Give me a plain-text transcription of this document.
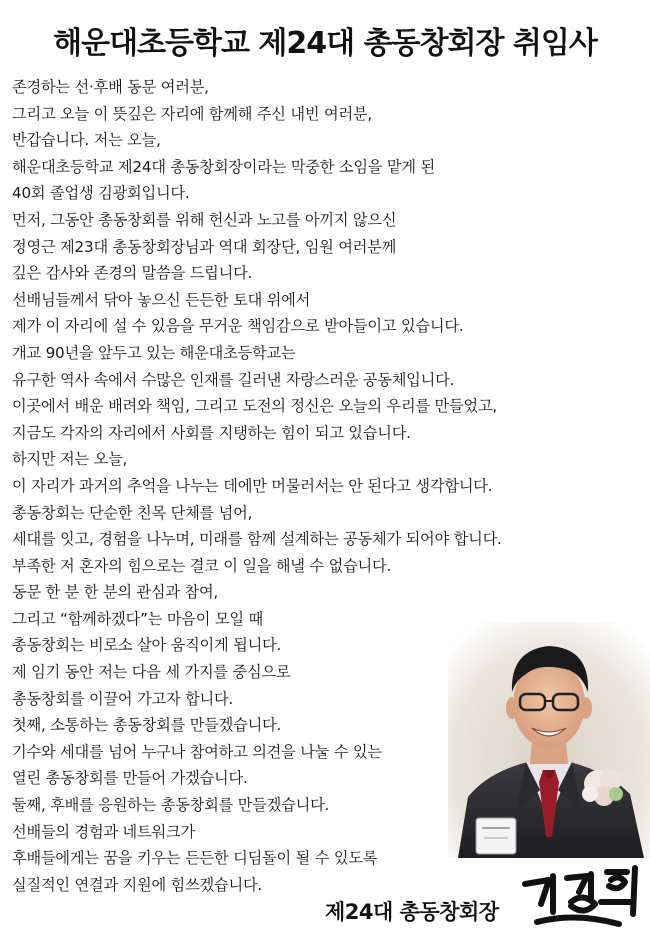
해운대초등학교 제24대 총동창회장 취임사
존경하는 선·후배 동문 여러분,
그리고 오늘 이 뜻깊은 자리에 함께해 주신 내빈 여러분,
반갑습니다. 저는 오늘,
해운대초등학교 제24대 총동창회장이라는 막중한 소임을 맡게 된
40회 졸업생 김광회입니다.
먼저, 그동안 총동창회를 위해 헌신과 노고를 아끼지 않으신
정영근 제23대 총동창회장님과 역대 회장단, 임원 여러분께
깊은 감사와 존경의 말씀을 드립니다.
선배님들께서 닦아 놓으신 든든한 토대 위에서
제가 이 자리에 설 수 있음을 무거운 책임감으로 받아들이고 있습니다.
개교 90년을 앞두고 있는 해운대초등학교는
유구한 역사 속에서 수많은 인재를 길러낸 자랑스러운 공동체입니다.
이곳에서 배운 배려와 책임, 그리고 도전의 정신은 오늘의 우리를 만들었고,
지금도 각자의 자리에서 사회를 지탱하는 힘이 되고 있습니다.
하지만 저는 오늘,
이 자리가 과거의 추억을 나누는 데에만 머물러서는 안 된다고 생각합니다.
총동창회는 단순한 친목 단체를 넘어,
세대를 잇고, 경험을 나누며, 미래를 함께 설계하는 공동체가 되어야 합니다.
부족한 저 혼자의 힘으로는 결코 이 일을 해낼 수 없습니다.
동문 한 분 한 분의 관심과 참여,
그리고 “함께하겠다”는 마음이 모일 때
총동창회는 비로소 살아 움직이게 됩니다.
제 임기 동안 저는 다음 세 가지를 중심으로
총동창회를 이끌어 가고자 합니다.
첫째, 소통하는 총동창회를 만들겠습니다.
기수와 세대를 넘어 누구나 참여하고 의견을 나눌 수 있는
열린 총동창회를 만들어 가겠습니다.
둘째, 후배를 응원하는 총동창회를 만들겠습니다.
선배들의 경험과 네트워크가
후배들에게는 꿈을 키우는 든든한 디딤돌이 될 수 있도록
실질적인 연결과 지원에 힘쓰겠습니다.
제24대 총동창회장
